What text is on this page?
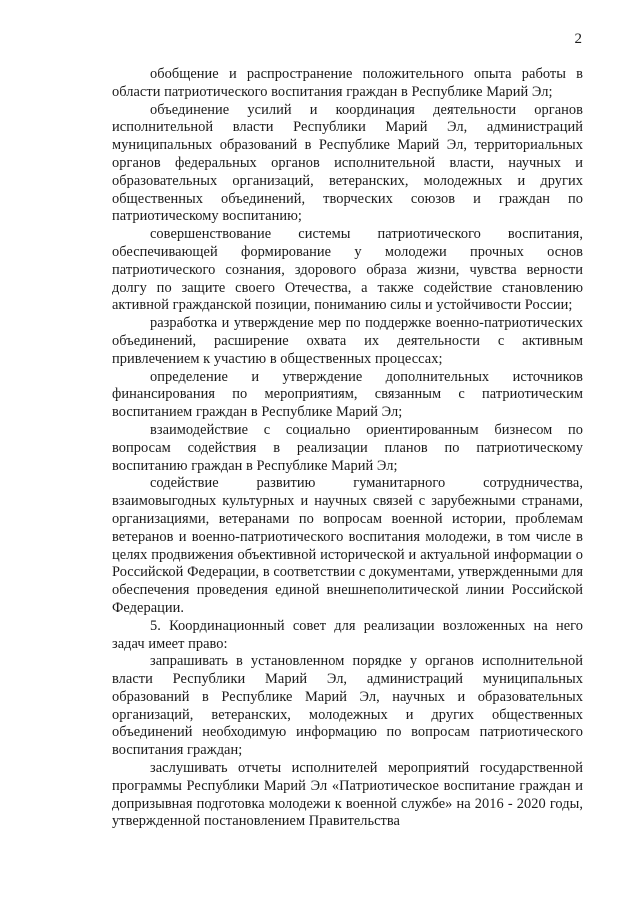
2

обобщение и распространение положительного опыта работы в области патриотического воспитания граждан в Республике Марий Эл;

объединение усилий и координация деятельности органов исполнительной власти Республики Марий Эл, администраций муниципальных образований в Республике Марий Эл, территориальных органов федеральных органов исполнительной власти, научных и образовательных организаций, ветеранских, молодежных и других общественных объединений, творческих союзов и граждан по патриотическому воспитанию;

совершенствование системы патриотического воспитания, обеспечивающей формирование у молодежи прочных основ патриотического сознания, здорового образа жизни, чувства верности долгу по защите своего Отечества, а также содействие становлению активной гражданской позиции, пониманию силы и устойчивости России;

разработка и утверждение мер по поддержке военно-патриотических объединений, расширение охвата их деятельности с активным привлечением к участию в общественных процессах;

определение и утверждение дополнительных источников финансирования по мероприятиям, связанным с патриотическим воспитанием граждан в Республике Марий Эл;

взаимодействие с социально ориентированным бизнесом по вопросам содействия в реализации планов по патриотическому воспитанию граждан в Республике Марий Эл;

содействие развитию гуманитарного сотрудничества, взаимовыгодных культурных и научных связей с зарубежными странами, организациями, ветеранами по вопросам военной истории, проблемам ветеранов и военно-патриотического воспитания молодежи, в том числе в целях продвижения объективной исторической и актуальной информации о Российской Федерации, в соответствии с документами, утвержденными для обеспечения проведения единой внешнеполитической линии Российской Федерации.

5. Координационный совет для реализации возложенных на него задач имеет право:

запрашивать в установленном порядке у органов исполнительной власти Республики Марий Эл, администраций муниципальных образований в Республике Марий Эл, научных и образовательных организаций, ветеранских, молодежных и других общественных объединений необходимую информацию по вопросам патриотического воспитания граждан;

заслушивать отчеты исполнителей мероприятий государственной программы Республики Марий Эл «Патриотическое воспитание граждан и допризывная подготовка молодежи к военной службе» на 2016 - 2020 годы, утвержденной постановлением Правительства
